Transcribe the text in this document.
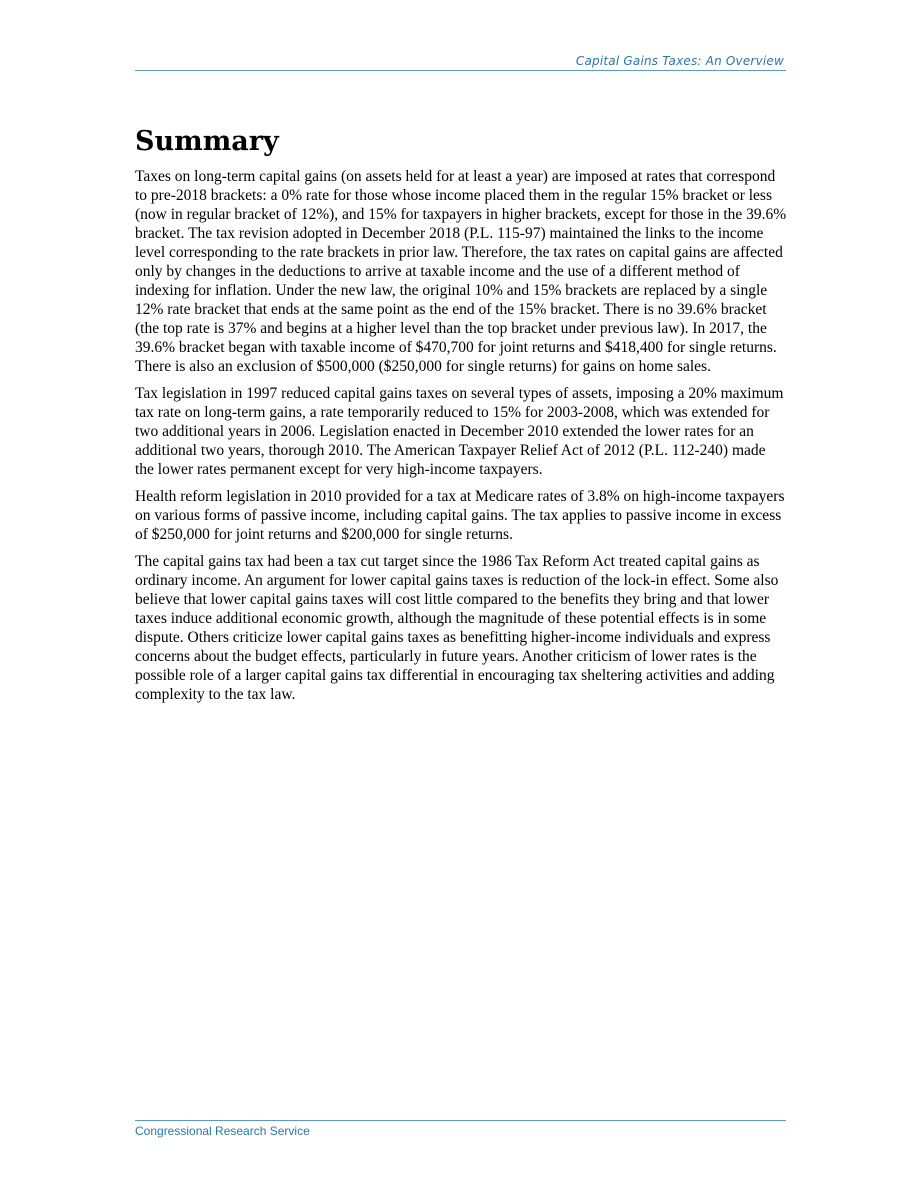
Capital Gains Taxes: An Overview
Summary

Taxes on long-term capital gains (on assets held for at least a year) are imposed at rates that correspond to pre-2018 brackets: a 0% rate for those whose income placed them in the regular 15% bracket or less (now in regular bracket of 12%), and 15% for taxpayers in higher brackets, except for those in the 39.6% bracket. The tax revision adopted in December 2018 (P.L. 115-97) maintained the links to the income level corresponding to the rate brackets in prior law. Therefore, the tax rates on capital gains are affected only by changes in the deductions to arrive at taxable income and the use of a different method of indexing for inflation. Under the new law, the original 10% and 15% brackets are replaced by a single 12% rate bracket that ends at the same point as the end of the 15% bracket. There is no 39.6% bracket (the top rate is 37% and begins at a higher level than the top bracket under previous law). In 2017, the 39.6% bracket began with taxable income of $470,700 for joint returns and $418,400 for single returns. There is also an exclusion of $500,000 ($250,000 for single returns) for gains on home sales.

Tax legislation in 1997 reduced capital gains taxes on several types of assets, imposing a 20% maximum tax rate on long-term gains, a rate temporarily reduced to 15% for 2003-2008, which was extended for two additional years in 2006. Legislation enacted in December 2010 extended the lower rates for an additional two years, thorough 2010. The American Taxpayer Relief Act of 2012 (P.L. 112-240) made the lower rates permanent except for very high-income taxpayers.

Health reform legislation in 2010 provided for a tax at Medicare rates of 3.8% on high-income taxpayers on various forms of passive income, including capital gains. The tax applies to passive income in excess of $250,000 for joint returns and $200,000 for single returns.

The capital gains tax had been a tax cut target since the 1986 Tax Reform Act treated capital gains as ordinary income. An argument for lower capital gains taxes is reduction of the lock-in effect. Some also believe that lower capital gains taxes will cost little compared to the benefits they bring and that lower taxes induce additional economic growth, although the magnitude of these potential effects is in some dispute. Others criticize lower capital gains taxes as benefitting higher-income individuals and express concerns about the budget effects, particularly in future years. Another criticism of lower rates is the possible role of a larger capital gains tax differential in encouraging tax sheltering activities and adding complexity to the tax law.

Congressional Research Service
